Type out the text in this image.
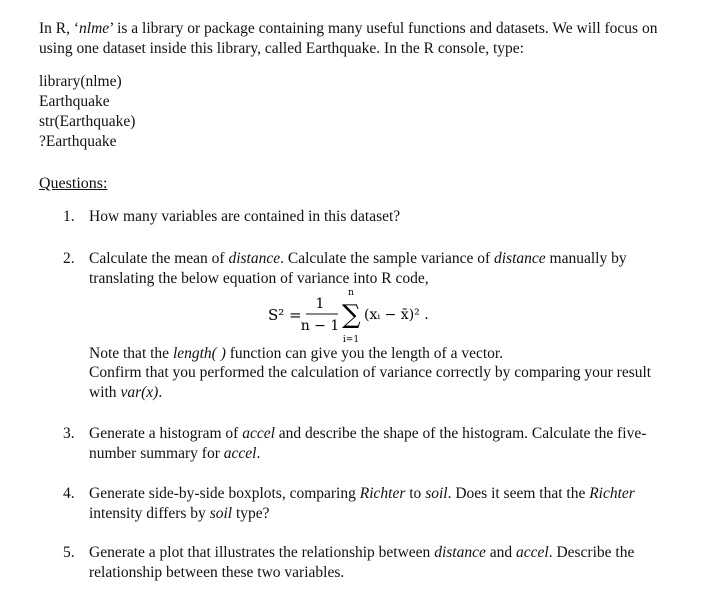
In R, ‘nlme’ is a library or package containing many useful functions and datasets. We will focus on using one dataset inside this library, called Earthquake. In the R console, type:
library(nlme)
Earthquake
str(Earthquake)
?Earthquake
Questions:
1. How many variables are contained in this dataset?
2. Calculate the mean of distance. Calculate the sample variance of distance manually by translating the below equation of variance into R code,
S² =
1
n − 1
n
∑
i=1
(xᵢ − x̄)² .
Note that the length( ) function can give you the length of a vector.
Confirm that you performed the calculation of variance correctly by comparing your result with var(x).
3. Generate a histogram of accel and describe the shape of the histogram. Calculate the five-number summary for accel.
4. Generate side-by-side boxplots, comparing Richter to soil. Does it seem that the Richter intensity differs by soil type?
5. Generate a plot that illustrates the relationship between distance and accel. Describe the relationship between these two variables.
